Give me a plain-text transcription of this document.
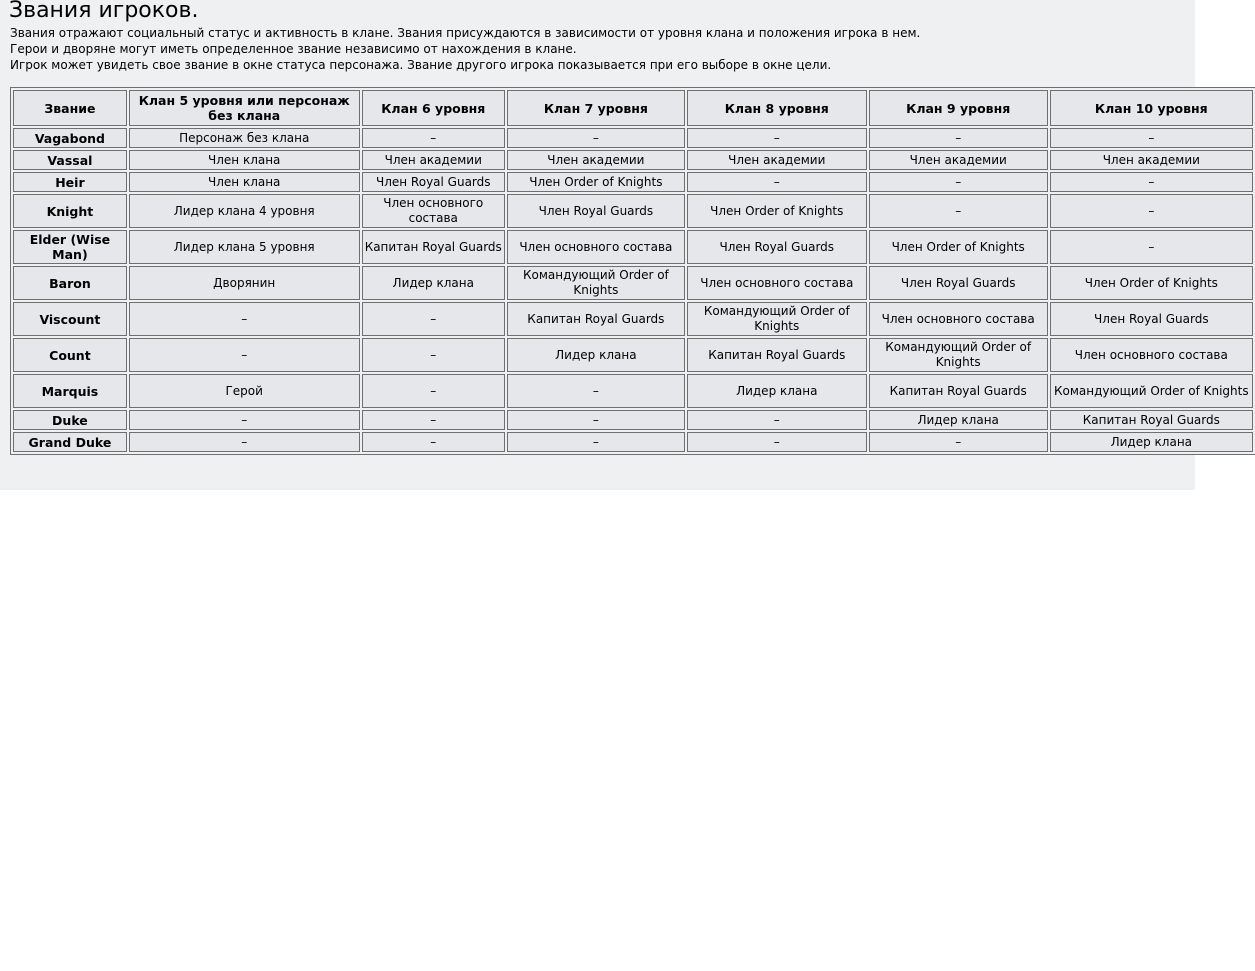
Звания игроков.
Звания отражают социальный статус и активность в клане. Звания присуждаются в зависимости от уровня клана и положения игрока в нем.
Герои и дворяне могут иметь определенное звание независимо от нахождения в клане.
Игрок может увидеть свое звание в окне статуса персонажа. Звание другого игрока показывается при его выборе в окне цели.
Звание	Клан 5 уровня или персонаж без клана	Клан 6 уровня	Клан 7 уровня	Клан 8 уровня	Клан 9 уровня	Клан 10 уровня
Vagabond	Персонаж без клана	–	–	–	–	–
Vassal	Член клана	Член академии	Член академии	Член академии	Член академии	Член академии
Heir	Член клана	Член Royal Guards	Член Order of Knights	–	–	–
Knight	Лидер клана 4 уровня	Член основного состава	Член Royal Guards	Член Order of Knights	–	–
Elder (Wise Man)	Лидер клана 5 уровня	Капитан Royal Guards	Член основного состава	Член Royal Guards	Член Order of Knights	–
Baron	Дворянин	Лидер клана	Командующий Order of Knights	Член основного состава	Член Royal Guards	Член Order of Knights
Viscount	–	–	Капитан Royal Guards	Командующий Order of Knights	Член основного состава	Член Royal Guards
Count	–	–	Лидер клана	Капитан Royal Guards	Командующий Order of Knights	Член основного состава
Marquis	Герой	–	–	Лидер клана	Капитан Royal Guards	Командующий Order of Knights
Duke	–	–	–	–	Лидер клана	Капитан Royal Guards
Grand Duke	–	–	–	–	–	Лидер клана
